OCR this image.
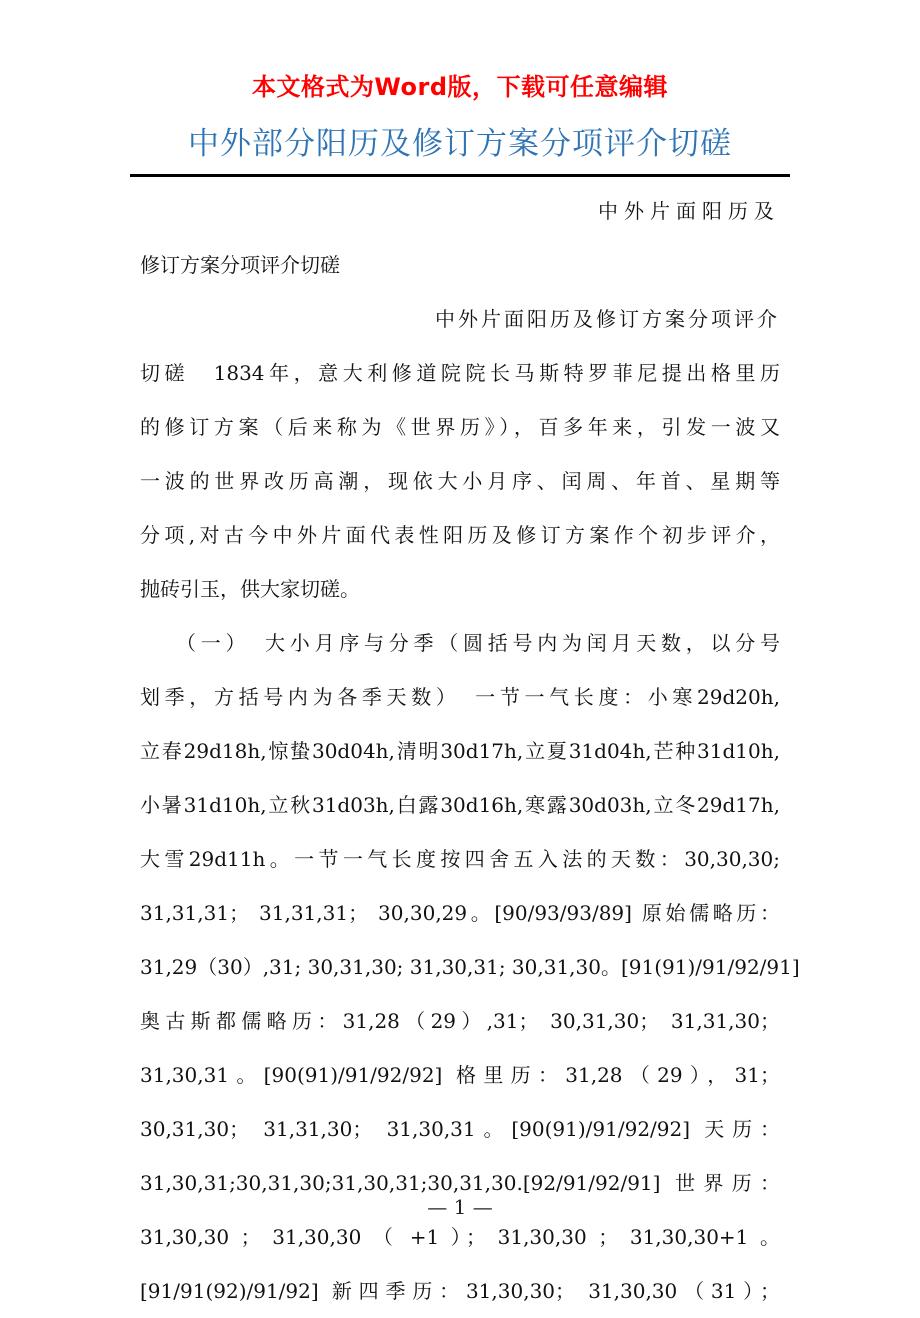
本文格式为Word版，下载可任意编辑
中外部分阳历及修订方案分项评介切磋
中外片面阳历及
修订方案分项评介切磋
中外片面阳历及修订方案分项评介
切磋　1834年，意大利修道院院长马斯特罗菲尼提出格里历
的修订方案（后来称为《世界历》），百多年来，引发一波又
一波的世界改历高潮，现依大小月序、闰周、年首、星期等
分项,对古今中外片面代表性阳历及修订方案作个初步评介，
抛砖引玉，供大家切磋。
（一）　大小月序与分季（圆括号内为闰月天数，以分号
划季，方括号内为各季天数）　一节一气长度：小寒29d20h,
立春29d18h,惊蛰30d04h,清明30d17h,立夏31d04h,芒种31d10h,
小暑31d10h,立秋31d03h,白露30d16h,寒露30d03h,立冬29d17h,
大雪29d11h。一节一气长度按四舍五入法的天数：30,30,30;
31,31,31； 31,31,31； 30,30,29。[90/93/93/89] 原始儒略历：
31,29（30）,31; 30,31,30; 31,30,31; 30,31,30。[91(91)/91/92/91]
奥古斯都儒略历：31,28（29）,31； 30,31,30； 31,31,30；
31,30,31。[90(91)/91/92/92] 格里历：31,28（29），31；
30,31,30； 31,31,30； 31,30,31。[90(91)/91/92/92] 天历：
31,30,31;30,31,30;31,30,31;30,31,30.[92/91/92/91] 世界历：
31,30,30 ； 31,30,30 （ +1 ）； 31,30,30 ； 31,30,30+1 。
[91/91(92)/91/92] 新四季历：31,30,30； 31,30,30（31）；
— 1 —
